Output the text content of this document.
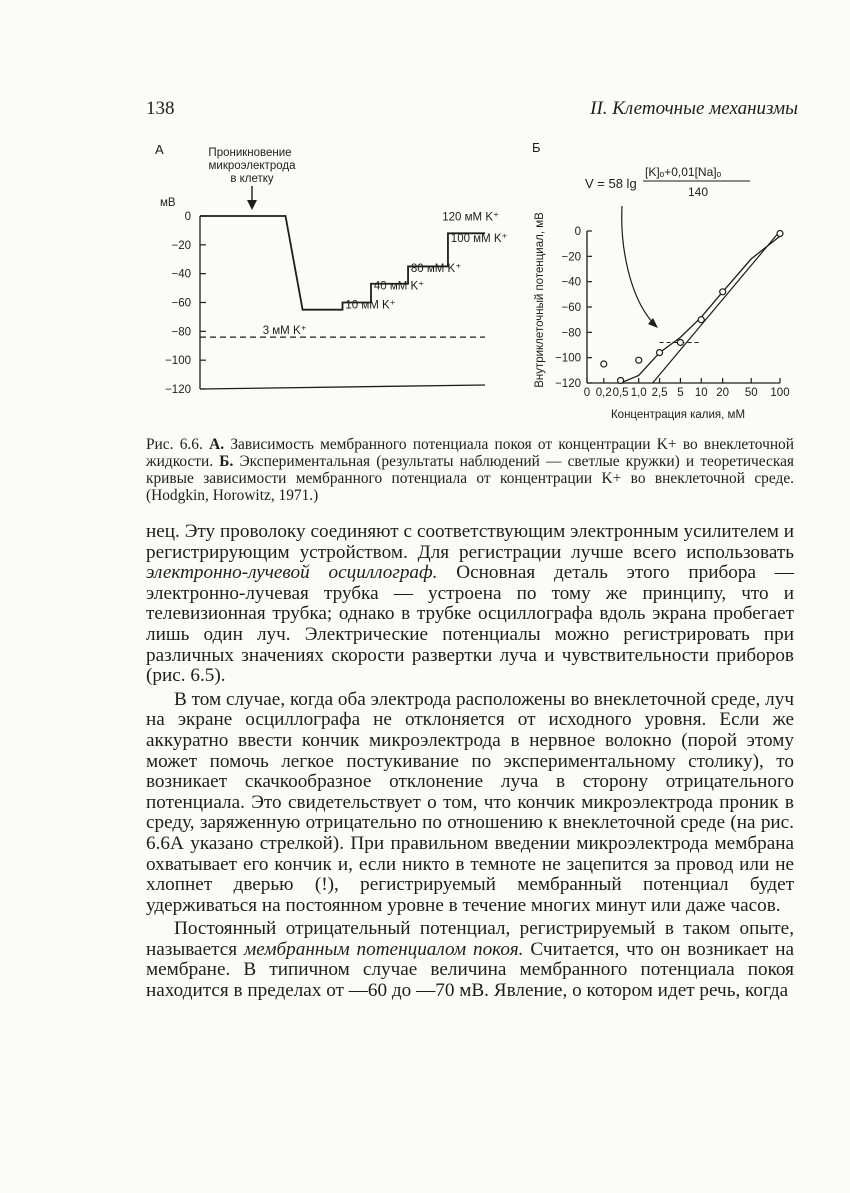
138	II. Клеточные механизмы
А	Проникновение
микроэлектрода
в клетку
мВ
0
−20
−40
−60
−80
−100
−120
3 мМ K⁺
10 мМ K⁺
40 мМ K⁺
80 мМ K⁺
100 мМ K⁺
120 мМ K⁺
Б
V = 58 lg
[K]ₒ+0,01[Na]ₒ
140
Внутриклеточный потенциал, мВ
Концентрация калия, мМ
0
−20
−40
−60
−80
−100
−120
0 0,2 0,5 1,0 2,5 5 10 20 50 100
Рис. 6.6. А. Зависимость мембранного потенциала покоя от концентрации K+ во внеклеточной жидкости. Б. Экспериментальная (результаты наблюдений — светлые кружки) и теоретическая кривые зависимости мембранного потенциала от концентрации K+ во внеклеточной среде. (Hodgkin, Horowitz, 1971.)

нец. Эту проволоку соединяют с соответствующим электронным усилителем и регистрирующим устройством. Для регистрации лучше всего использовать электронно-лучевой осциллограф. Основная деталь этого прибора — электронно-лучевая трубка — устроена по тому же принципу, что и телевизионная трубка; однако в трубке осциллографа вдоль экрана пробегает лишь один луч. Электрические потенциалы можно регистрировать при различных значениях скорости развертки луча и чувствительности приборов (рис. 6.5).

В том случае, когда оба электрода расположены во внеклеточной среде, луч на экране осциллографа не отклоняется от исходного уровня. Если же аккуратно ввести кончик микроэлектрода в нервное волокно (порой этому может помочь легкое постукивание по экспериментальному столику), то возникает скачкообразное отклонение луча в сторону отрицательного потенциала. Это свидетельствует о том, что кончик микроэлектрода проник в среду, заряженную отрицательно по отношению к внеклеточной среде (на рис. 6.6А указано стрелкой). При правильном введении микроэлектрода мембрана охватывает его кончик и, если никто в темноте не зацепится за провод или не хлопнет дверью (!), регистрируемый мембранный потенциал будет удерживаться на постоянном уровне в течение многих минут или даже часов.

Постоянный отрицательный потенциал, регистрируемый в таком опыте, называется мембранным потенциалом покоя. Считается, что он возникает на мембране. В типичном случае величина мембранного потенциала покоя находится в пределах от —60 до —70 мВ. Явление, о котором идет речь, когда
